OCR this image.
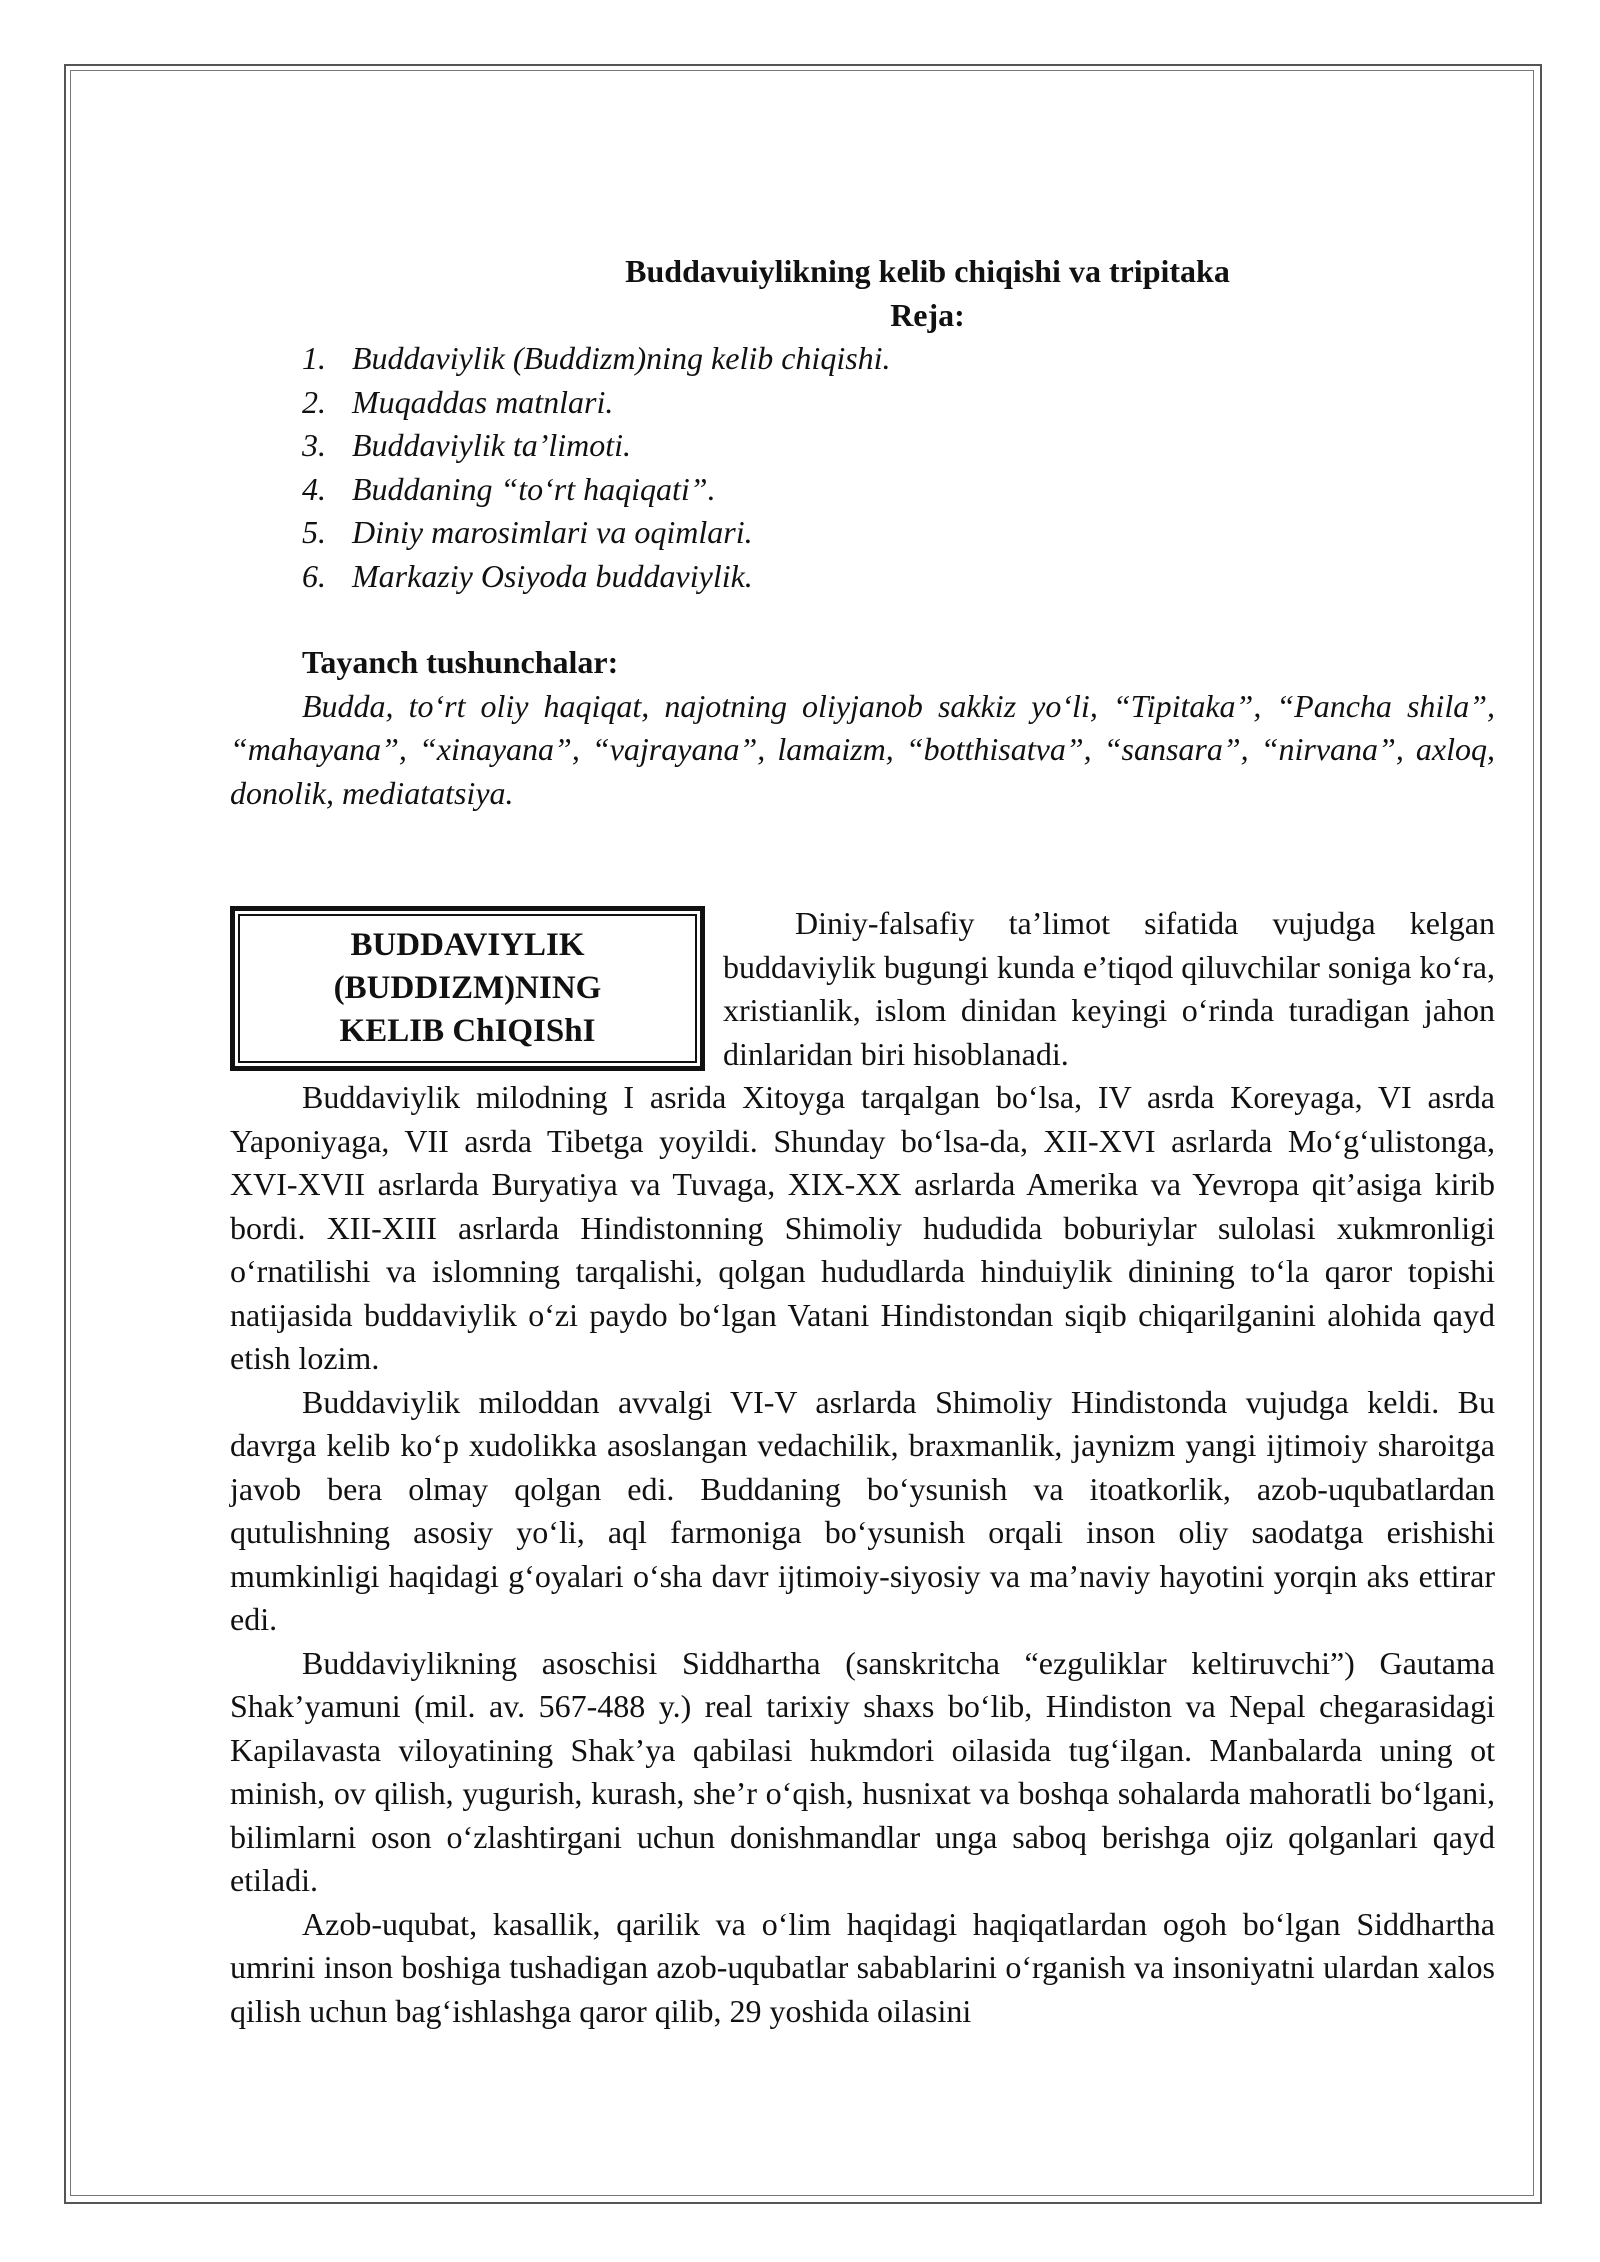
Buddavuiylikning kelib chiqishi va tripitaka

Reja:

1. Buddaviylik (Buddizm)ning kelib chiqishi.
2. Muqaddas matnlari.
3. Buddaviylik ta’limoti.
4. Buddaning “to‘rt haqiqati”.
5. Diniy marosimlari va oqimlari.
6. Markaziy Osiyoda buddaviylik.

Tayanch tushunchalar:

Budda, to‘rt oliy haqiqat, najotning oliyjanob sakkiz yo‘li, “Tipitaka”, “Pancha shila”, “mahayana”, “xinayana”, “vajrayana”, lamaizm, “botthisatva”, “sansara”, “nirvana”, axloq, donolik, mediatatsiya.

BUDDAVIYLIK
(BUDDIZM)NING
KELIB ChIQIShI

Diniy-falsafiy ta’limot sifatida vujudga kelgan buddaviylik bugungi kunda e’tiqod qiluvchilar soniga ko‘ra, xristianlik, islom dinidan keyingi o‘rinda turadigan jahon dinlaridan biri hisoblanadi.

Buddaviylik milodning I asrida Xitoyga tarqalgan bo‘lsa, IV asrda Koreyaga, VI asrda Yaponiyaga, VII asrda Tibetga yoyildi. Shunday bo‘lsa-da, XII-XVI asrlarda Mo‘g‘ulistonga, XVI-XVII asrlarda Buryatiya va Tuvaga, XIX-XX asrlarda Amerika va Yevropa qit’asiga kirib bordi. XII-XIII asrlarda Hindistonning Shimoliy hududida boburiylar sulolasi xukmronligi o‘rnatilishi va islomning tarqalishi, qolgan hududlarda hinduiylik dinining to‘la qaror topishi natijasida buddaviylik o‘zi paydo bo‘lgan Vatani Hindistondan siqib chiqarilganini alohida qayd etish lozim.

Buddaviylik miloddan avvalgi VI-V asrlarda Shimoliy Hindistonda vujudga keldi. Bu davrga kelib ko‘p xudolikka asoslangan vedachilik, braxmanlik, jaynizm yangi ijtimoiy sharoitga javob bera olmay qolgan edi. Buddaning bo‘ysunish va itoatkorlik, azob-uqubatlardan qutulishning asosiy yo‘li, aql farmoniga bo‘ysunish orqali inson oliy saodatga erishishi mumkinligi haqidagi g‘oyalari o‘sha davr ijtimoiy-siyosiy va ma’naviy hayotini yorqin aks ettirar edi.

Buddaviylikning asoschisi Siddhartha (sanskritcha “ezguliklar keltiruvchi”) Gautama Shak’yamuni (mil. av. 567-488 y.) real tarixiy shaxs bo‘lib, Hindiston va Nepal chegarasidagi Kapilavasta viloyatining Shak’ya qabilasi hukmdori oilasida tug‘ilgan. Manbalarda uning ot minish, ov qilish, yugurish, kurash, she’r o‘qish, husnixat va boshqa sohalarda mahoratli bo‘lgani, bilimlarni oson o‘zlashtirgani uchun donishmandlar unga saboq berishga ojiz qolganlari qayd etiladi.

Azob-uqubat, kasallik, qarilik va o‘lim haqidagi haqiqatlardan ogoh bo‘lgan Siddhartha umrini inson boshiga tushadigan azob-uqubatlar sabablarini o‘rganish va insoniyatni ulardan xalos qilish uchun bag‘ishlashga qaror qilib, 29 yoshida oilasini
